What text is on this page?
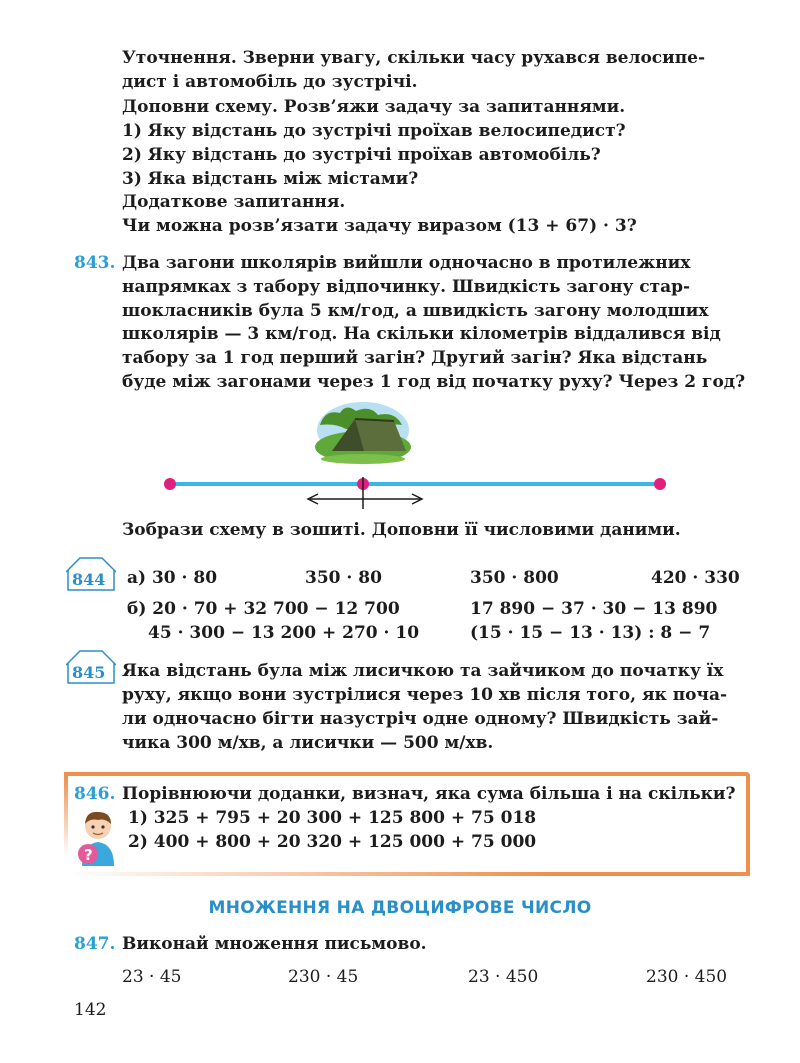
Уточнення. Зверни увагу, скільки часу рухався велосипе-
дист і автомобіль до зустрічі.
Доповни схему. Розв’яжи задачу за запитаннями.
1) Яку відстань до зустрічі проїхав велосипедист?
2) Яку відстань до зустрічі проїхав автомобіль?
3) Яка відстань між містами?
Додаткове запитання.
Чи можна розв’язати задачу виразом (13 + 67) · 3?
843. Два загони школярів вийшли одночасно в протилежних
напрямках з табору відпочинку. Швидкість загону стар-
шокласників була 5 км/год, а швидкість загону молодших
школярів — 3 км/год. На скільки кілометрів віддалився від
табору за 1 год перший загін? Другий загін? Яка відстань
буде між загонами через 1 год від початку руху? Через 2 год?
Зобрази схему в зошиті. Доповни її числовими даними.
844 а) 30 · 80	350 · 80	350 · 800	420 · 330
б) 20 · 70 + 32 700 − 12 700	17 890 − 37 · 30 − 13 890
45 · 300 − 13 200 + 270 · 10	(15 · 15 − 13 · 13) : 8 − 7
845 Яка відстань була між лисичкою та зайчиком до початку їх
руху, якщо вони зустрілися через 10 хв після того, як поча-
ли одночасно бігти назустріч одне одному? Швидкість зай-
чика 300 м/хв, а лисички — 500 м/хв.
846. Порівнюючи доданки, визнач, яка сума більша і на скільки?
?
1) 325 + 795 + 20 300 + 125 800 + 75 018
2) 400 + 800 + 20 320 + 125 000 + 75 000
МНОЖЕННЯ НА ДВОЦИФРОВЕ ЧИСЛО
847. Виконай множення письмово.
23 · 45	230 · 45	23 · 450	230 · 450
142
